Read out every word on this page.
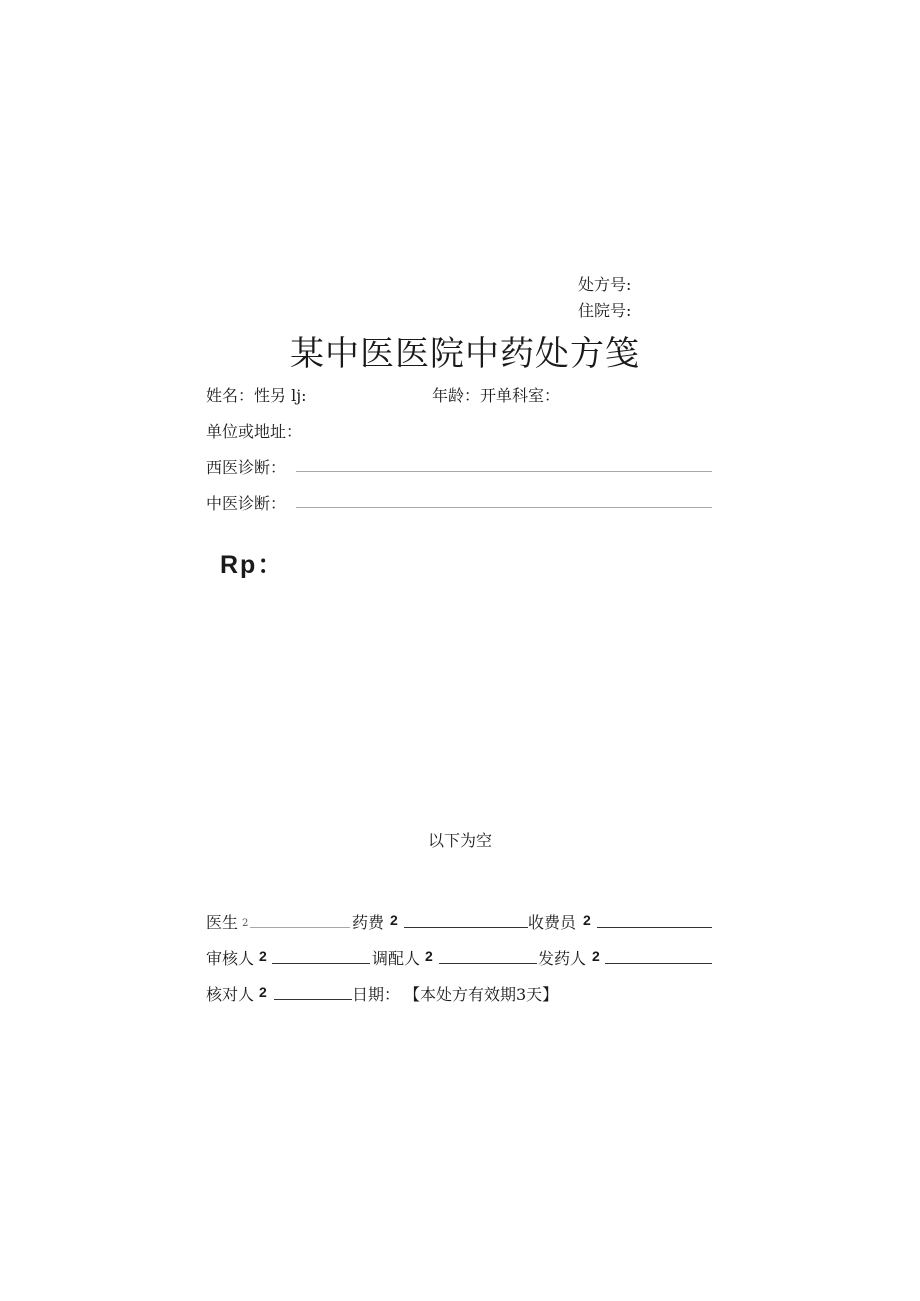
处方号:
住院号:
某中医医院中药处方笺
姓名：性另 lj:	年龄：开单科室：
单位或地址：
西医诊断：
中医诊断：
Rp：
以下为空
医生 2	药费 2	收费员 2
审核人 2	调配人 2	发药人 2
核对人 2	日期： 【本处方有效期3天】
